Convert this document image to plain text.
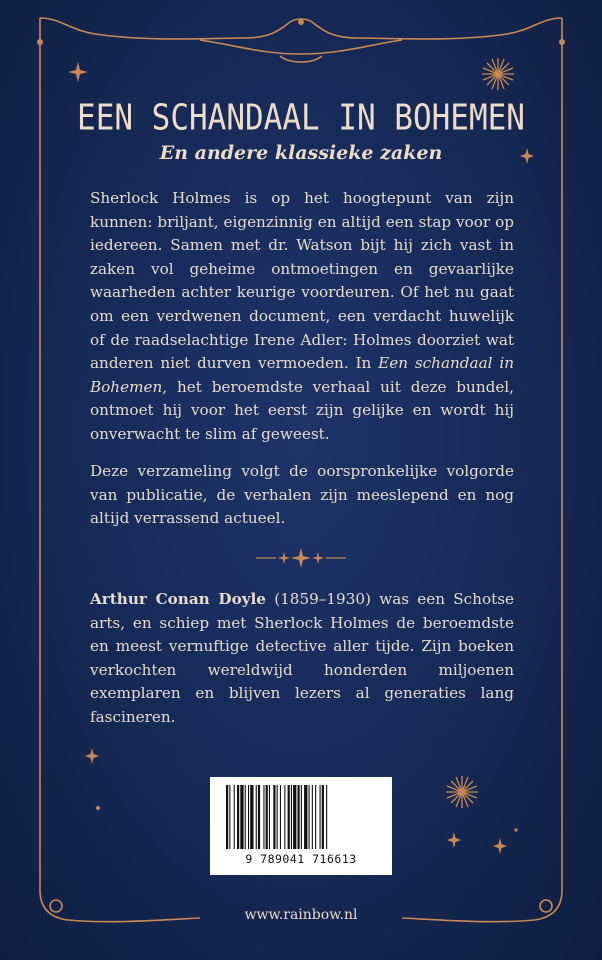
EEN SCHANDAAL IN BOHEMEN
En andere klassieke zaken

Sherlock Holmes is op het hoogtepunt van zijn kunnen: briljant, eigenzinnig en altijd een stap voor op iedereen. Samen met dr. Watson bijt hij zich vast in zaken vol geheime ontmoetingen en gevaarlijke waarheden achter keurige voordeuren. Of het nu gaat om een verdwenen document, een verdacht huwelijk of de raadselachtige Irene Adler: Holmes doorziet wat anderen niet durven vermoeden. In Een schandaal in Bohemen, het beroemdste verhaal uit deze bundel, ontmoet hij voor het eerst zijn gelijke en wordt hij onverwacht te slim af geweest.

Deze verzameling volgt de oorspronkelijke volgorde van publicatie, de verhalen zijn meeslepend en nog altijd verrassend actueel.

Arthur Conan Doyle (1859–1930) was een Schotse arts, en schiep met Sherlock Holmes de beroemdste en meest vernuftige detective aller tijde. Zijn boeken verkochten wereldwijd honderden miljoenen exemplaren en blijven lezers al generaties lang fascineren.

9 789041 716613
www.rainbow.nl
